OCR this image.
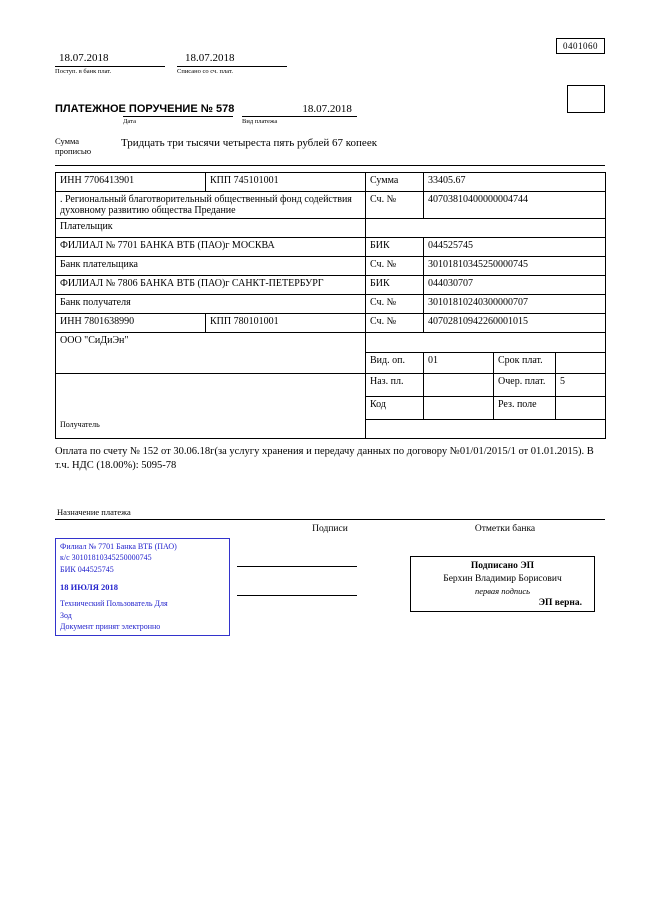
0401060
18.07.2018	18.07.2018
Поступ. в банк плат.	Списано со сч. плат.
ПЛАТЕЖНОЕ ПОРУЧЕНИЕ № 578	18.07.2018
Дата	Вид платежа
Сумма
прописью
Тридцать три тысячи четыреста пять рублей 67 копеек
ИНН 7706413901	КПП 745101001	Сумма	33405.67		
. Региональный благотворительный общественный фонд содействия духовному развитию общества Предание		Сч. №	40703810400000004744		
Плательщик					
ФИЛИАЛ № 7701 БАНКА ВТБ (ПАО)г МОСКВА		БИК	044525745		
Банк плательщика		Сч. №	30101810345250000745		
ФИЛИАЛ № 7806 БАНКА ВТБ (ПАО)г САНКТ-ПЕТЕРБУРГ		БИК	044030707		
Банк получателя		Сч. №	30101810240300000707		
ИНН 7801638990	КПП 780101001	Сч. №	40702810942260001015		
ООО "СиДиЭн"					
		Вид. оп.	01	Срок плат.	

Получатель		Наз. пл.		Очер. плат.	5
		Код		Рез. поле	

Оплата по счету № 152 от 30.06.18г(за услугу хранения и передачу данных по договору №01/01/2015/1 от 01.01.2015). В т.ч. НДС (18.00%): 5095-78
Назначение платежа
Подписи	Отметки банка
Филиал № 7701 Банка ВТБ (ПАО)
к/с 30101810345250000745
БИК 044525745
18 ИЮЛЯ 2018
Технический Пользователь Для
Зод
Документ принят электронно
Подписано ЭП
Берхин Владимир Борисович
первая подпись
ЭП верна.
